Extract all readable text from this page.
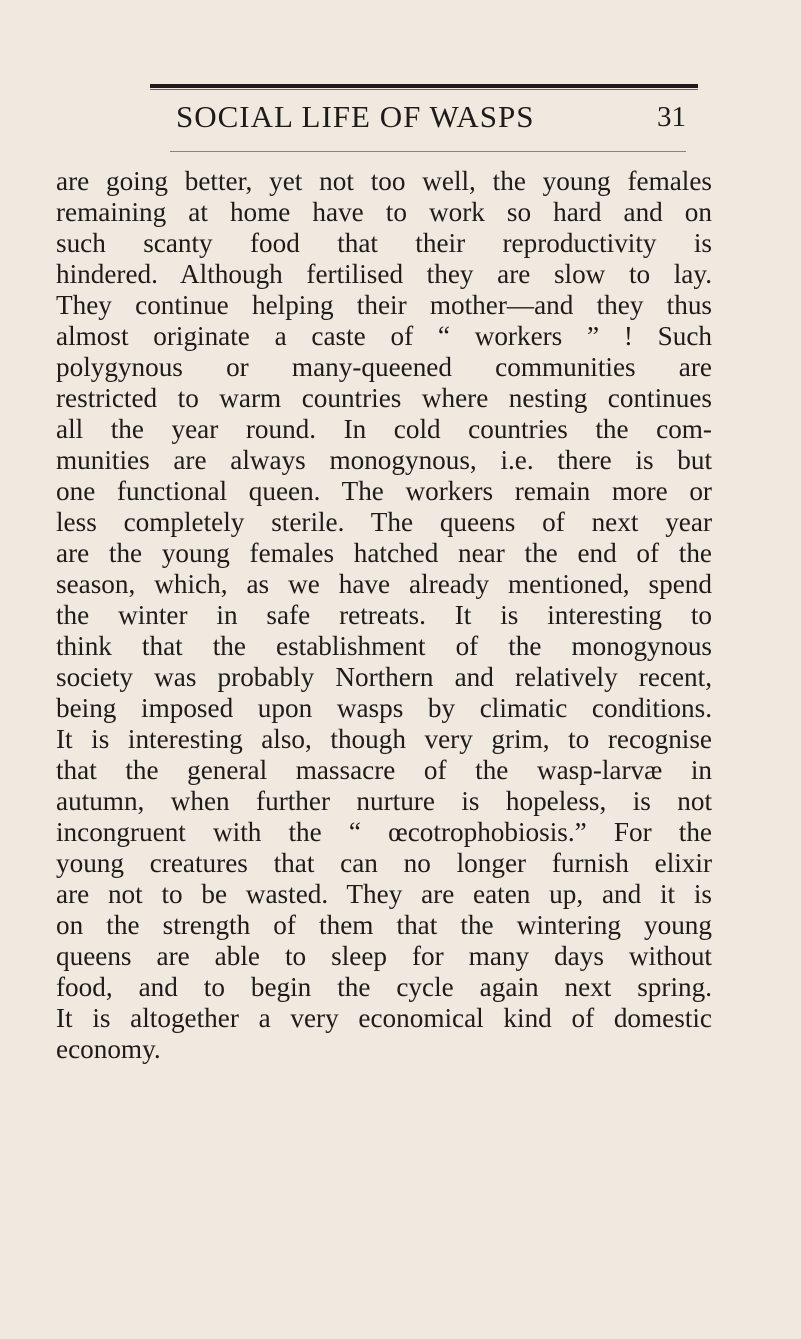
SOCIAL LIFE OF WASPS	31

are going better, yet not too well, the young females
remaining at home have to work so hard and on
such scanty food that their reproductivity is
hindered. Although fertilised they are slow to lay.
They continue helping their mother—and they thus
almost originate a caste of “ workers ” ! Such
polygynous or many-queened communities are
restricted to warm countries where nesting continues
all the year round. In cold countries the com-
munities are always monogynous, i.e. there is but
one functional queen. The workers remain more or
less completely sterile. The queens of next year
are the young females hatched near the end of the
season, which, as we have already mentioned, spend
the winter in safe retreats. It is interesting to
think that the establishment of the monogynous
society was probably Northern and relatively recent,
being imposed upon wasps by climatic conditions.
It is interesting also, though very grim, to recognise
that the general massacre of the wasp-larvæ in
autumn, when further nurture is hopeless, is not
incongruent with the “ œcotrophobiosis.” For the
young creatures that can no longer furnish elixir
are not to be wasted. They are eaten up, and it is
on the strength of them that the wintering young
queens are able to sleep for many days without
food, and to begin the cycle again next spring.
It is altogether a very economical kind of domestic
economy.
